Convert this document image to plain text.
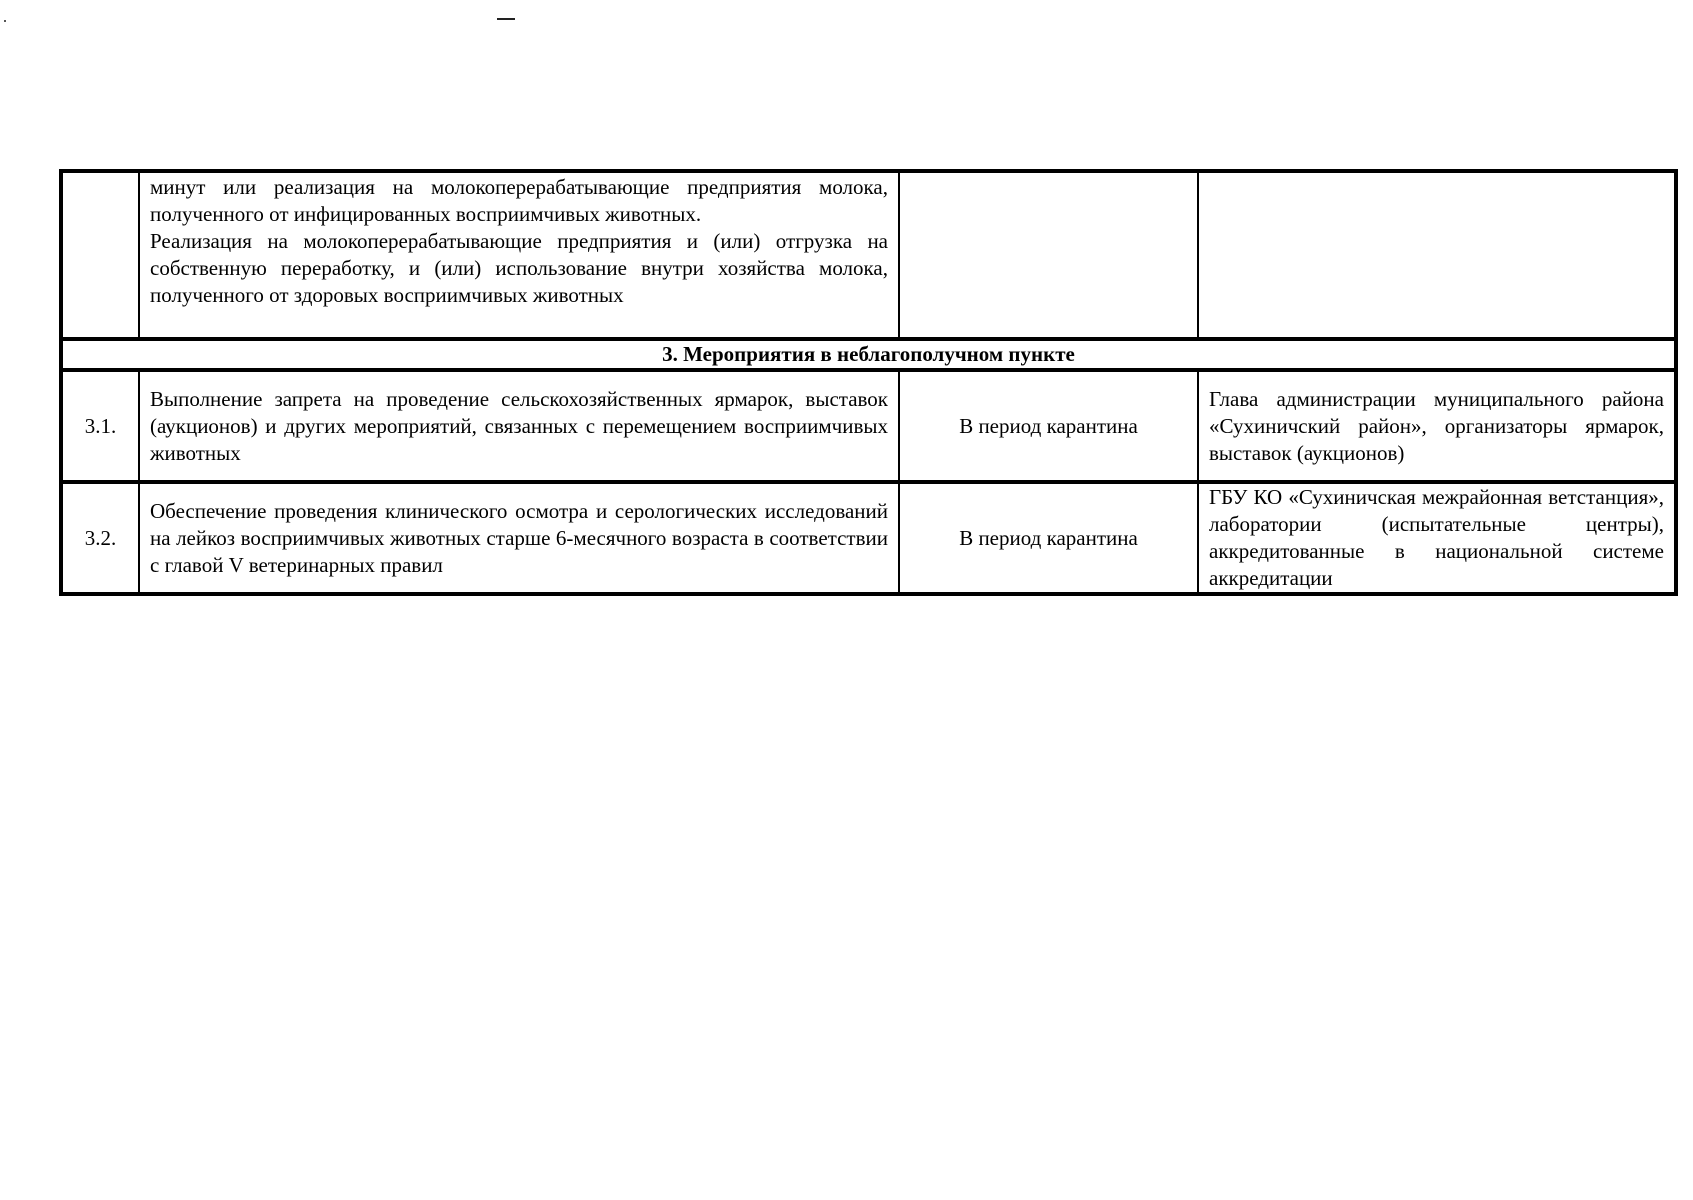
	минут или реализация на молокоперерабатывающие предприятия молока, полученного от инфицированных восприимчивых животных.
Реализация на молокоперерабатывающие предприятия и (или) отгрузка на собственную переработку, и (или) использование внутри хозяйства молока, полученного от здоровых восприимчивых животных		

3. Мероприятия в неблагополучном пункте			
3.1.	Выполнение запрета на проведение сельскохозяйственных ярмарок, выставок (аукционов) и других мероприятий, связанных с перемещением восприимчивых животных	В период карантина	Глава администрации муниципального района «Сухиничский район», организаторы ярмарок, выставок (аукционов)
3.2.	Обеспечение проведения клинического осмотра и серологических исследований на лейкоз восприимчивых животных старше 6-месячного возраста в соответствии с главой V ветеринарных правил	В период карантина	ГБУ КО «Сухиничская межрайонная ветстанция», лаборатории (испытательные центры), аккредитованные в национальной системе аккредитации
